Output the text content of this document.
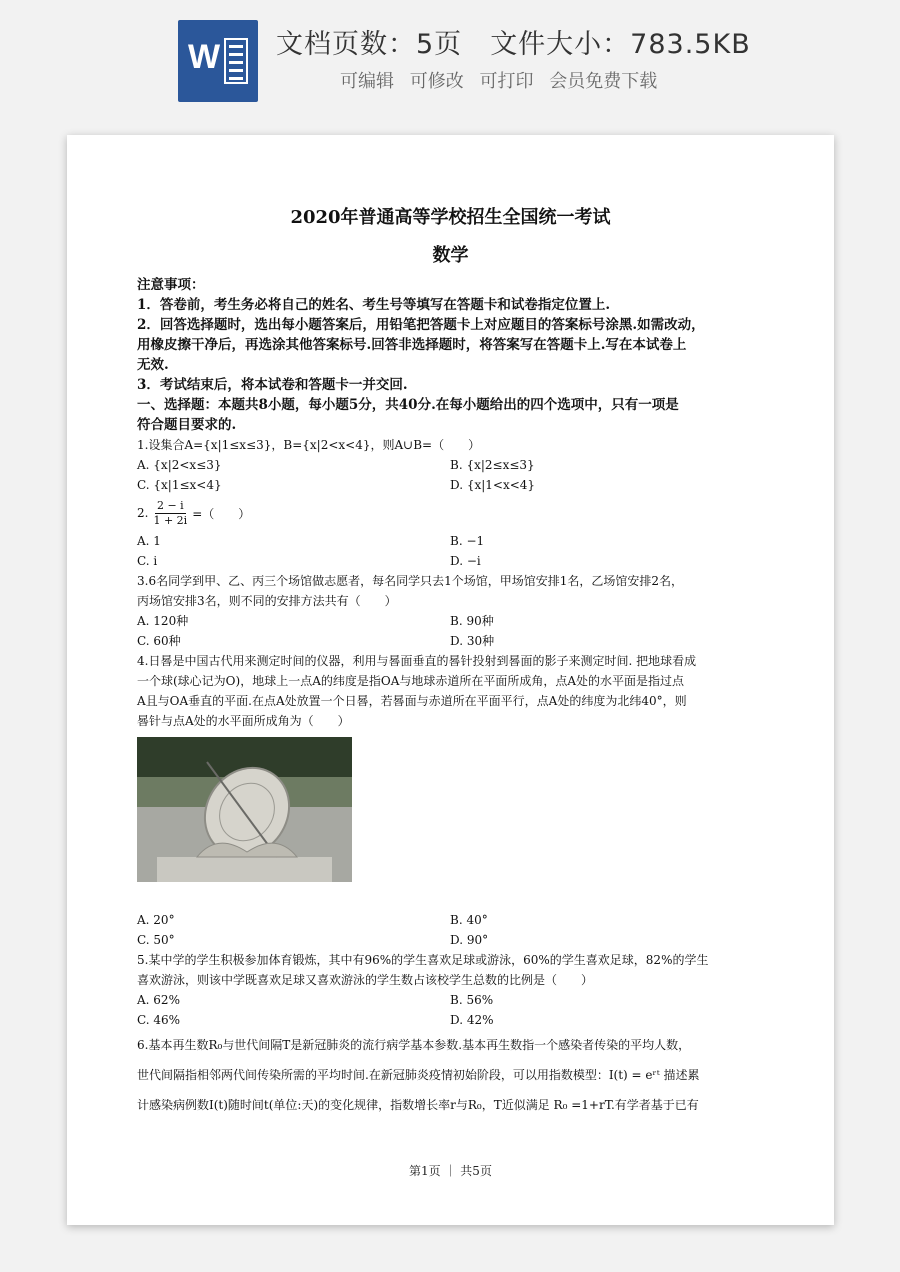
W 文档页数：5页 文件大小：783.5KB
可编辑 可修改 可打印 会员免费下载
2020年普通高等学校招生全国统一考试
数学
注意事项：
1．答卷前，考生务必将自己的姓名、考生号等填写在答题卡和试卷指定位置上.
2．回答选择题时，选出每小题答案后，用铅笔把答题卡上对应题目的答案标号涂黑.如需改动，
用橡皮擦干净后，再选涂其他答案标号.回答非选择题时，将答案写在答题卡上.写在本试卷上
无效.
3．考试结束后，将本试卷和答题卡一并交回.
一、选择题：本题共8小题，每小题5分，共40分.在每小题给出的四个选项中，只有一项是
符合题目要求的.
1.设集合A={x|1≤x≤3}，B={x|2<x<4}，则A∪B=（　　）
A. {x|2<x≤3}	B. {x|2≤x≤3}
C. {x|1≤x<4}	D. {x|1<x<4}
2. $\frac{2 - i}{1 + 2i}$ =（　　）
A. 1	B. −1
C. i	D. −i
3.6名同学到甲、乙、丙三个场馆做志愿者，每名同学只去1个场馆，甲场馆安排1名，乙场馆安排2名，
丙场馆安排3名，则不同的安排方法共有（　　）
A. 120种	B. 90种
C. 60种	D. 30种
4.日晷是中国古代用来测定时间的仪器，利用与晷面垂直的晷针投射到晷面的影子来测定时间. 把地球看成
一个球(球心记为O)，地球上一点A的纬度是指OA与地球赤道所在平面所成角，点A处的水平面是指过点
A且与OA垂直的平面.在点A处放置一个日晷，若晷面与赤道所在平面平行，点A处的纬度为北纬40°，则
晷针与点A处的水平面所成角为（　　）
A. 20°	B. 40°
C. 50°	D. 90°
5.某中学的学生积极参加体育锻炼，其中有96%的学生喜欢足球或游泳，60%的学生喜欢足球，82%的学生
喜欢游泳，则该中学既喜欢足球又喜欢游泳的学生数占该校学生总数的比例是（　　）
A. 62%	B. 56%
C. 46%	D. 42%
6.基本再生数R₀与世代间隔T是新冠肺炎的流行病学基本参数.基本再生数指一个感染者传染的平均人数，
世代间隔指相邻两代间传染所需的平均时间.在新冠肺炎疫情初始阶段，可以用指数模型：I(t) = eʳᵗ 描述累
计感染病例数I(t)随时间t(单位:天)的变化规律，指数增长率r与R₀，T近似满足 R₀ =1+rT.有学者基于已有
第1页 ｜ 共5页
